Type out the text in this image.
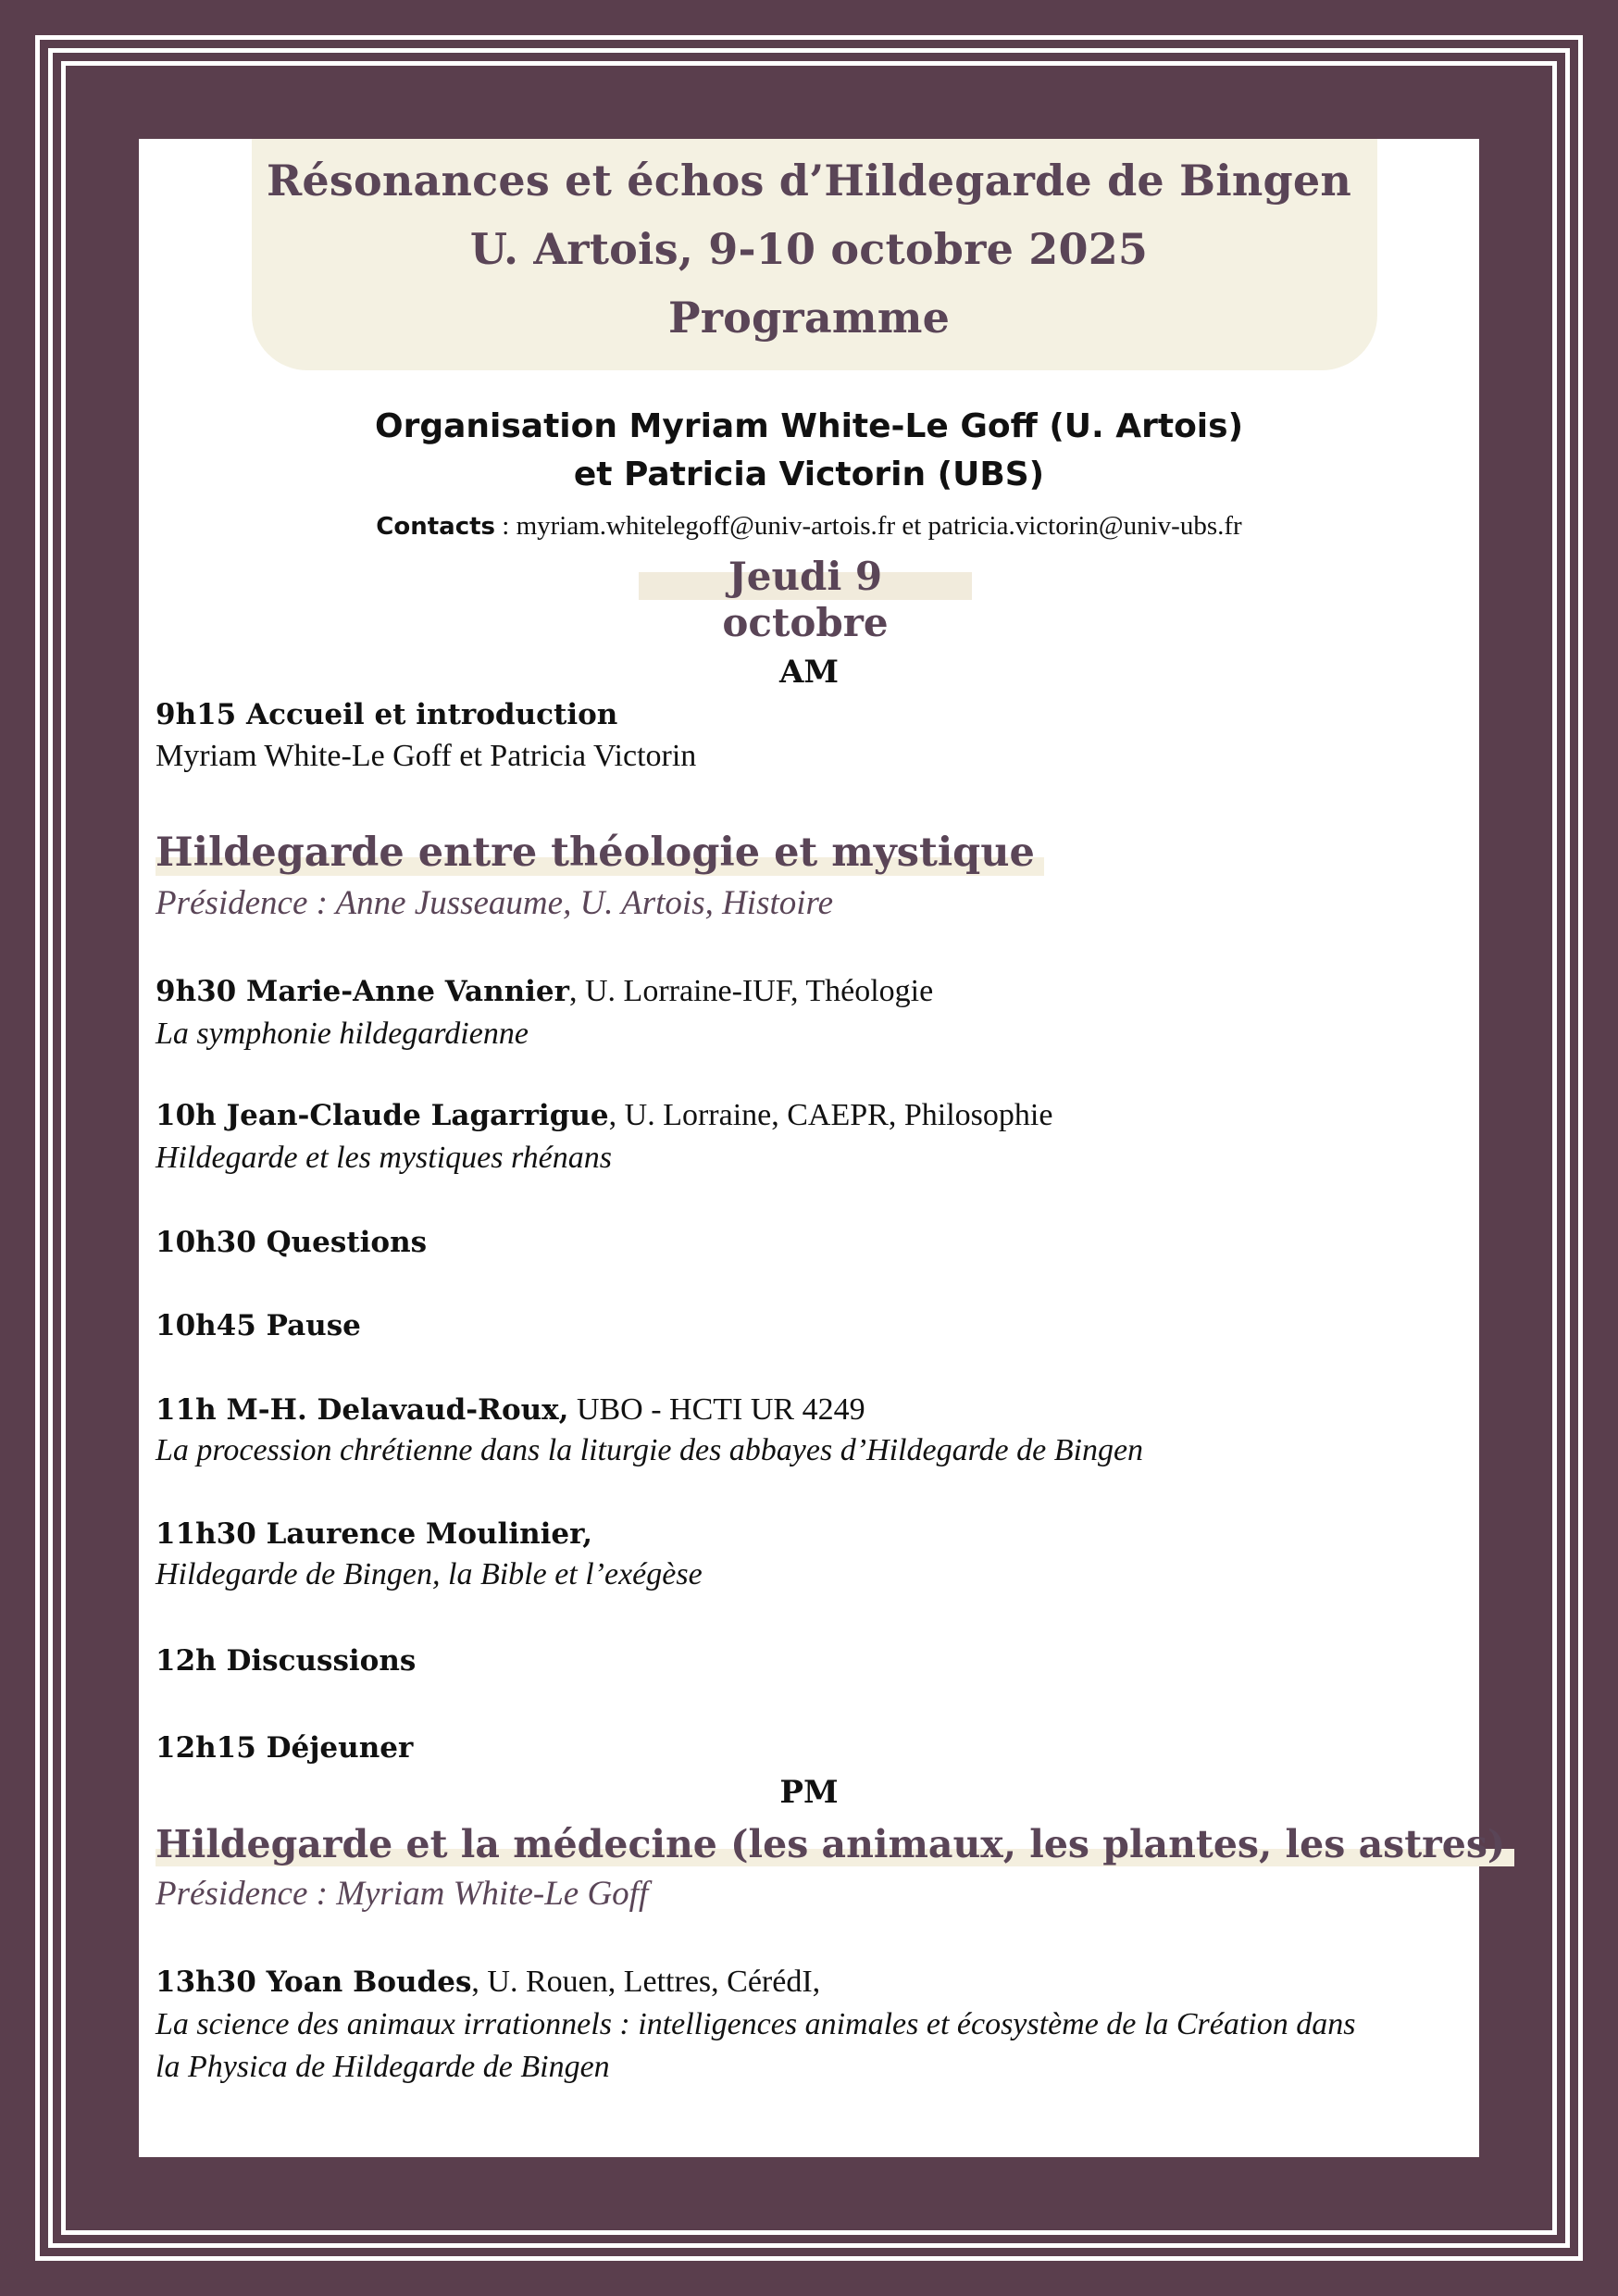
Résonances et échos d’Hildegarde de Bingen
U. Artois, 9-10 octobre 2025
Programme
Organisation Myriam White-Le Goff (U. Artois)
et Patricia Victorin (UBS)
Contacts : myriam.whitelegoff@univ-artois.fr et patricia.victorin@univ-ubs.fr
Jeudi 9 octobre
AM
9h15 Accueil et introduction
Myriam White-Le Goff et Patricia Victorin
Hildegarde entre théologie et mystique
Présidence : Anne Jusseaume, U. Artois, Histoire
9h30 Marie-Anne Vannier, U. Lorraine-IUF, Théologie
La symphonie hildegardienne
10h Jean-Claude Lagarrigue, U. Lorraine, CAEPR, Philosophie
Hildegarde et les mystiques rhénans
10h30 Questions
10h45 Pause
11h M-H. Delavaud-Roux, UBO - HCTI UR 4249
La procession chrétienne dans la liturgie des abbayes d’Hildegarde de Bingen
11h30 Laurence Moulinier,
Hildegarde de Bingen, la Bible et l’exégèse
12h Discussions
12h15 Déjeuner
PM
Hildegarde et la médecine (les animaux, les plantes, les astres)
Présidence : Myriam White-Le Goff
13h30 Yoan Boudes, U. Rouen, Lettres, CérédI,
La science des animaux irrationnels : intelligences animales et écosystème de la Création dans
la Physica de Hildegarde de Bingen
